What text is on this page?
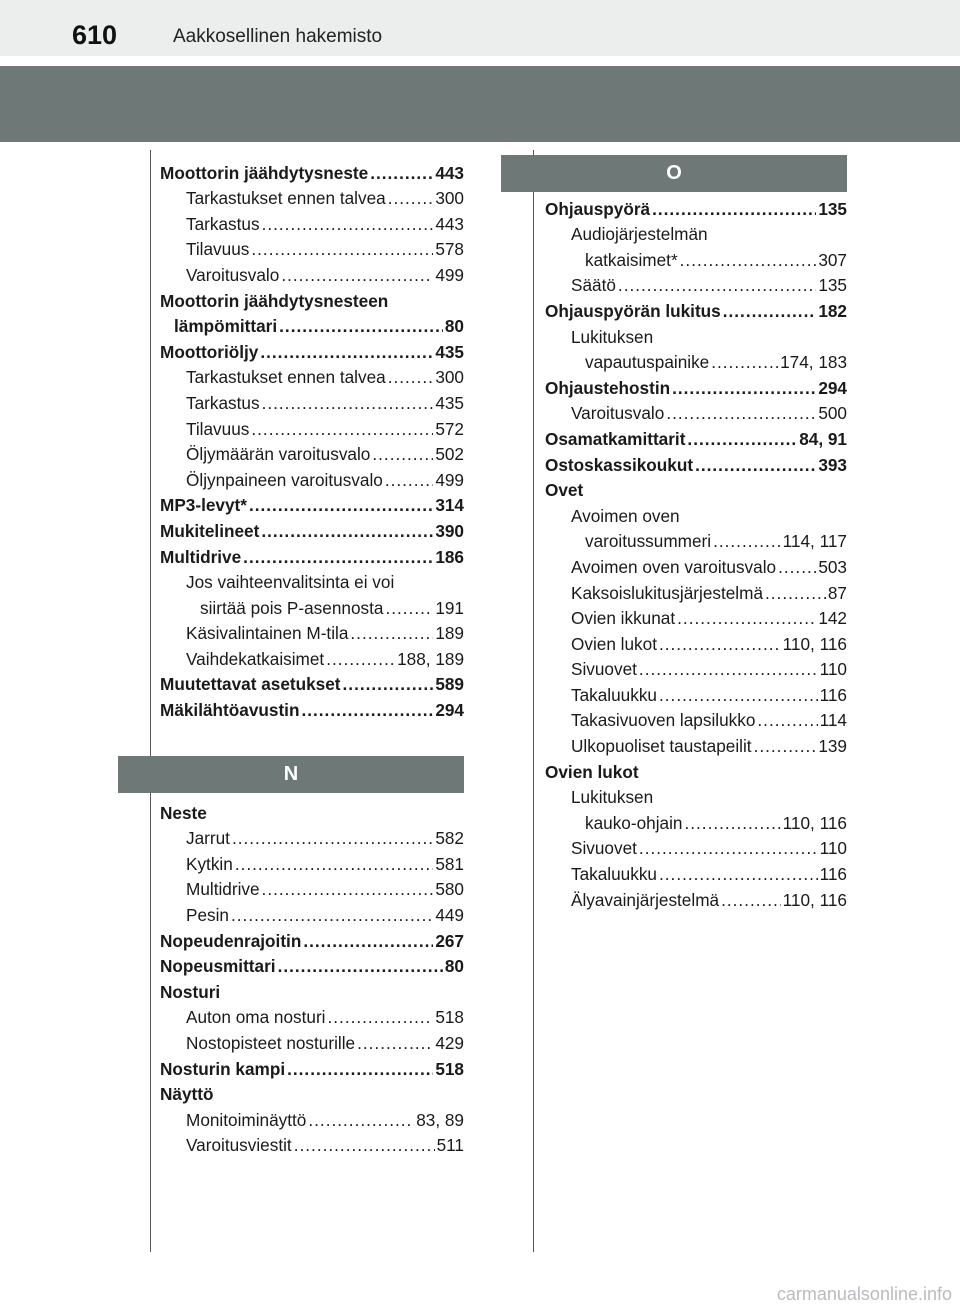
610	Aakkosellinen hakemisto
Moottorin jäähdytysneste .....	443
Tarkastukset ennen talvea .....	300
Tarkastus .....	443
Tilavuus .....	578
Varoitusvalo .....	499
Moottorin jäähdytysnesteen
lämpömittari .....	80
Moottoriöljy .....	435
Tarkastukset ennen talvea .....	300
Tarkastus .....	435
Tilavuus .....	572
Öljymäärän varoitusvalo .....	502
Öljynpaineen varoitusvalo .....	499
MP3-levyt* .....	314
Mukitelineet .....	390
Multidrive .....	186
Jos vaihteenvalitsinta ei voi
siirtää pois P-asennosta .....	191
Käsivalintainen M-tila .....	189
Vaihdekatkaisimet .....	188, 189
Muutettavat asetukset .....	589
Mäkilähtöavustin .....	294
N
Neste
Jarrut .....	582
Kytkin .....	581
Multidrive .....	580
Pesin .....	449
Nopeudenrajoitin .....	267
Nopeusmittari .....	80
Nosturi
Auton oma nosturi .....	518
Nostopisteet nosturille .....	429
Nosturin kampi .....	518
Näyttö
Monitoiminäyttö .....	83, 89
Varoitusviestit .....	511
O
Ohjauspyörä .....	135
Audiojärjestelmän
katkaisimet* .....	307
Säätö .....	135
Ohjauspyörän lukitus .....	182
Lukituksen
vapautuspainike .....	174, 183
Ohjaustehostin .....	294
Varoitusvalo .....	500
Osamatkamittarit .....	84, 91
Ostoskassikoukut .....	393
Ovet
Avoimen oven
varoitussummeri .....	114, 117
Avoimen oven varoitusvalo ..... 503
Kaksoislukitusjärjestelmä .....	87
Ovien ikkunat .....	142
Ovien lukot .....	110, 116
Sivuovet .....	110
Takaluukku .....	116
Takasivuoven lapsilukko .....	114
Ulkopuoliset taustapeilit .....	139
Ovien lukot
Lukituksen
kauko-ohjain .....	110, 116
Sivuovet .....	110
Takaluukku .....	116
Älyavainjärjestelmä .....	110, 116
carmanualsonline.info
